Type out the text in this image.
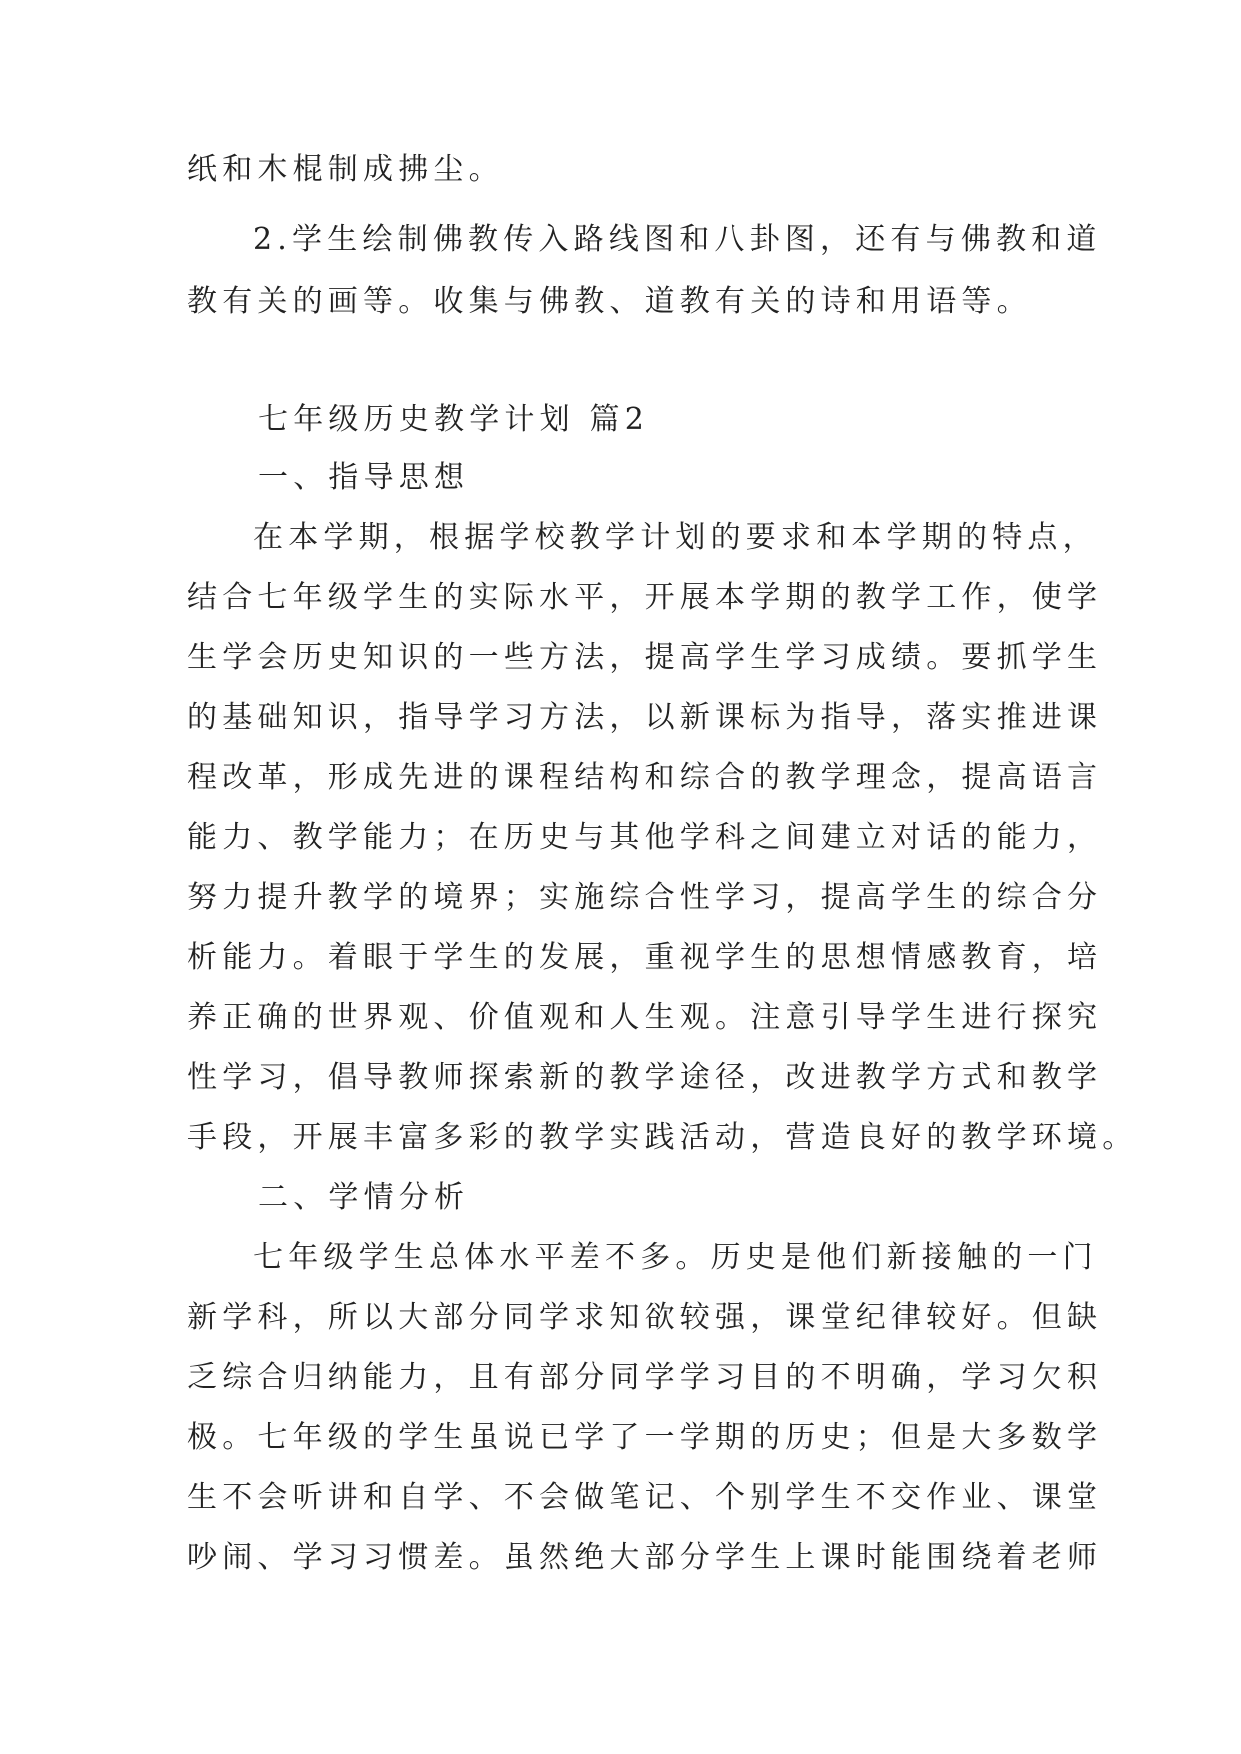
纸和木棍制成拂尘。
2.学生绘制佛教传入路线图和八卦图，还有与佛教和道
教有关的画等。收集与佛教、道教有关的诗和用语等。
七年级历史教学计划 篇2
一、指导思想
在本学期，根据学校教学计划的要求和本学期的特点，
结合七年级学生的实际水平，开展本学期的教学工作，使学
生学会历史知识的一些方法，提高学生学习成绩。要抓学生
的基础知识，指导学习方法，以新课标为指导，落实推进课
程改革，形成先进的课程结构和综合的教学理念，提高语言
能力、教学能力；在历史与其他学科之间建立对话的能力，
努力提升教学的境界；实施综合性学习，提高学生的综合分
析能力。着眼于学生的发展，重视学生的思想情感教育，培
养正确的世界观、价值观和人生观。注意引导学生进行探究
性学习，倡导教师探索新的教学途径，改进教学方式和教学
手段，开展丰富多彩的教学实践活动，营造良好的教学环境。
二、学情分析
七年级学生总体水平差不多。历史是他们新接触的一门
新学科，所以大部分同学求知欲较强，课堂纪律较好。但缺
乏综合归纳能力，且有部分同学学习目的不明确，学习欠积
极。七年级的学生虽说已学了一学期的历史；但是大多数学
生不会听讲和自学、不会做笔记、个别学生不交作业、课堂
吵闹、学习习惯差。虽然绝大部分学生上课时能围绕着老师
